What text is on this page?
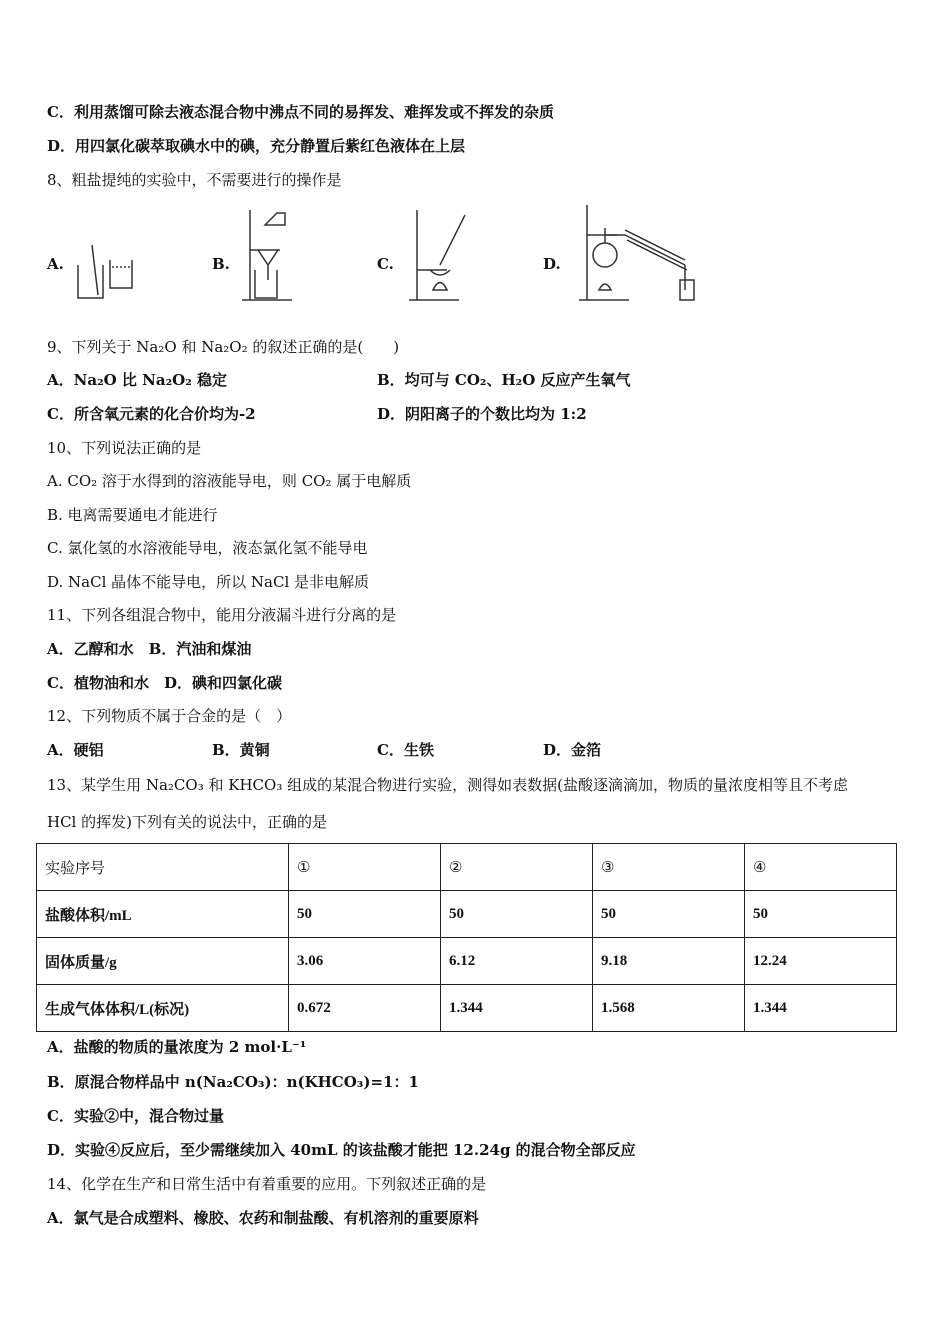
C．利用蒸馏可除去液态混合物中沸点不同的易挥发、难挥发或不挥发的杂质
D．用四氯化碳萃取碘水中的碘，充分静置后紫红色液体在上层
8、粗盐提纯的实验中，不需要进行的操作是
A.	B.	C.	D.
9、下列关于 Na₂O 和 Na₂O₂ 的叙述正确的是(　　)
A．Na₂O 比 Na₂O₂ 稳定	B．均可与 CO₂、H₂O 反应产生氧气
C．所含氧元素的化合价均为-2	D．阴阳离子的个数比均为 1:2
10、下列说法正确的是
A. CO₂ 溶于水得到的溶液能导电，则 CO₂ 属于电解质
B. 电离需要通电才能进行
C. 氯化氢的水溶液能导电，液态氯化氢不能导电
D. NaCl 晶体不能导电，所以 NaCl 是非电解质
11、下列各组混合物中，能用分液漏斗进行分离的是
A．乙醇和水　B．汽油和煤油
C．植物油和水　D．碘和四氯化碳
12、下列物质不属于合金的是（　）
A．硬铝	B．黄铜	C．生铁	D．金箔
13、某学生用 Na₂CO₃ 和 KHCO₃ 组成的某混合物进行实验，测得如表数据(盐酸逐滴滴加，物质的量浓度相等且不考虑
HCl 的挥发)下列有关的说法中，正确的是
实验序号	①	②	③	④
盐酸体积/mL	50	50	50	50
固体质量/g	3.06	6.12	9.18	12.24
生成气体体积/L(标况)	0.672	1.344	1.568	1.344
A．盐酸的物质的量浓度为 2 mol·L⁻¹
B．原混合物样品中 n(Na₂CO₃)：n(KHCO₃)=1：1
C．实验②中，混合物过量
D．实验④反应后，至少需继续加入 40mL 的该盐酸才能把 12.24g 的混合物全部反应
14、化学在生产和日常生活中有着重要的应用。下列叙述正确的是
A．氯气是合成塑料、橡胶、农药和制盐酸、有机溶剂的重要原料
